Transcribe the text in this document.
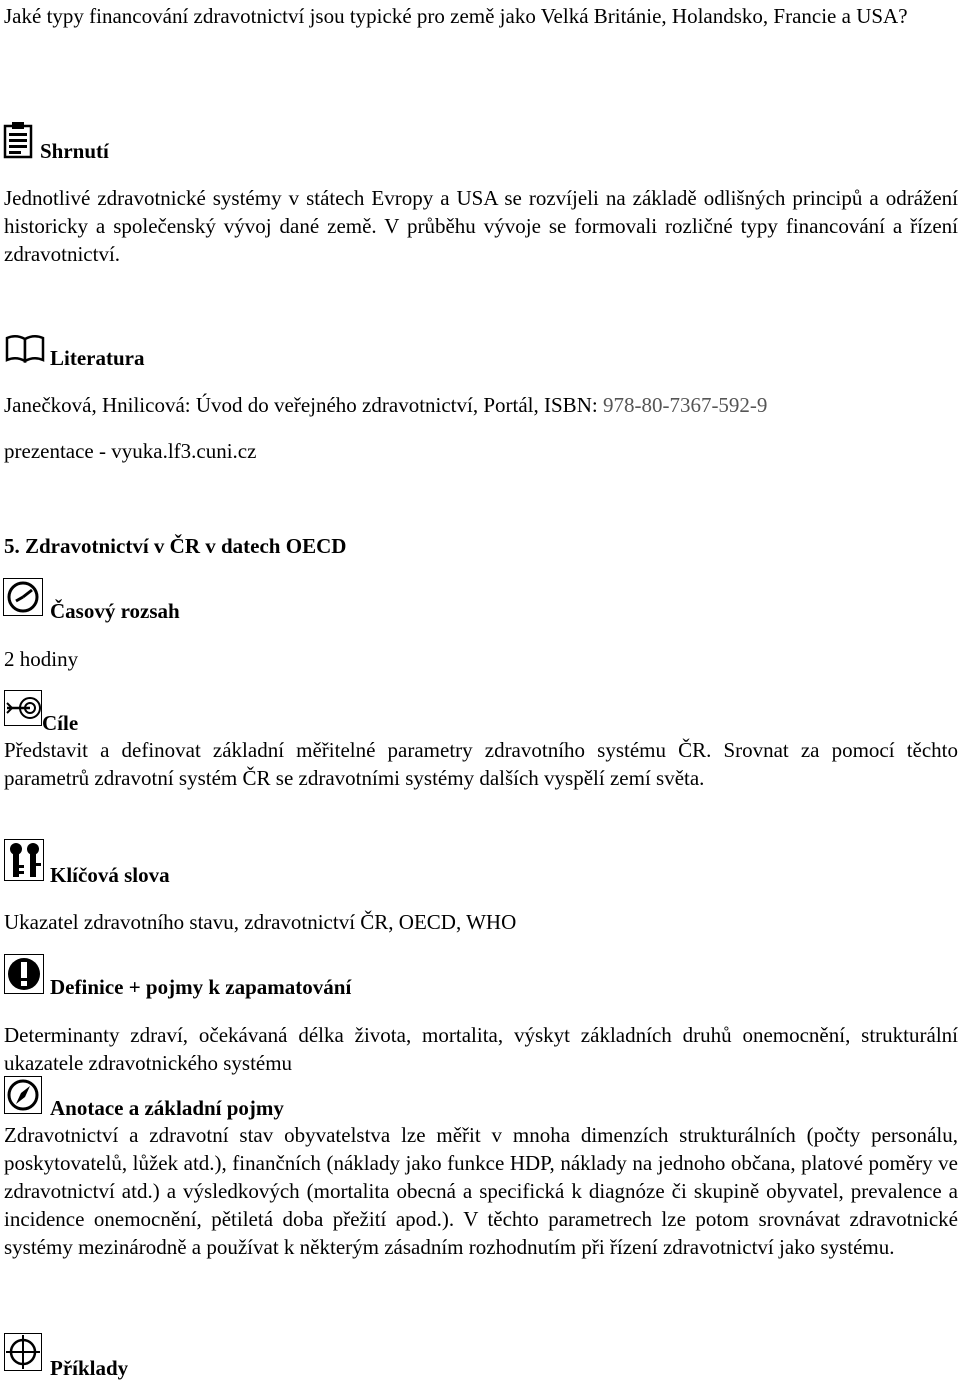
Jaké typy financování zdravotnictví jsou typické pro země jako Velká Británie, Holandsko, Francie a USA?

Shrnutí

Jednotlivé zdravotnické systémy v státech Evropy a USA se rozvíjeli na základě odlišných principů a odrážení historicky a společenský vývoj dané země. V průběhu vývoje se formovali rozličné typy financování a řízení zdravotnictví.

Literatura

Janečková, Hnilicová: Úvod do veřejného zdravotnictví, Portál, ISBN: 978-80-7367-592-9

prezentace - vyuka.lf3.cuni.cz

5. Zdravotnictví v ČR v datech OECD

Časový rozsah

2 hodiny

Cíle

Představit a definovat základní měřitelné parametry zdravotního systému ČR. Srovnat za pomocí těchto parametrů zdravotní systém ČR se zdravotními systémy dalších vyspělí zemí světa.

Klíčová slova

Ukazatel zdravotního stavu, zdravotnictví ČR, OECD, WHO

Definice + pojmy k zapamatování

Determinanty zdraví, očekávaná délka života, mortalita, výskyt základních druhů onemocnění, strukturální ukazatele zdravotnického systému

Anotace a základní pojmy

Zdravotnictví a zdravotní stav obyvatelstva lze měřit v mnoha dimenzích strukturálních (počty personálu, poskytovatelů, lůžek atd.), finančních (náklady jako funkce HDP, náklady na jednoho občana, platové poměry ve zdravotnictví atd.) a výsledkových (mortalita obecná a specifická k diagnóze či skupině obyvatel, prevalence a incidence onemocnění, pětiletá doba přežití apod.). V těchto parametrech lze potom srovnávat zdravotnické systémy mezinárodně a používat k některým zásadním rozhodnutím při řízení zdravotnictví jako systému.

Příklady
